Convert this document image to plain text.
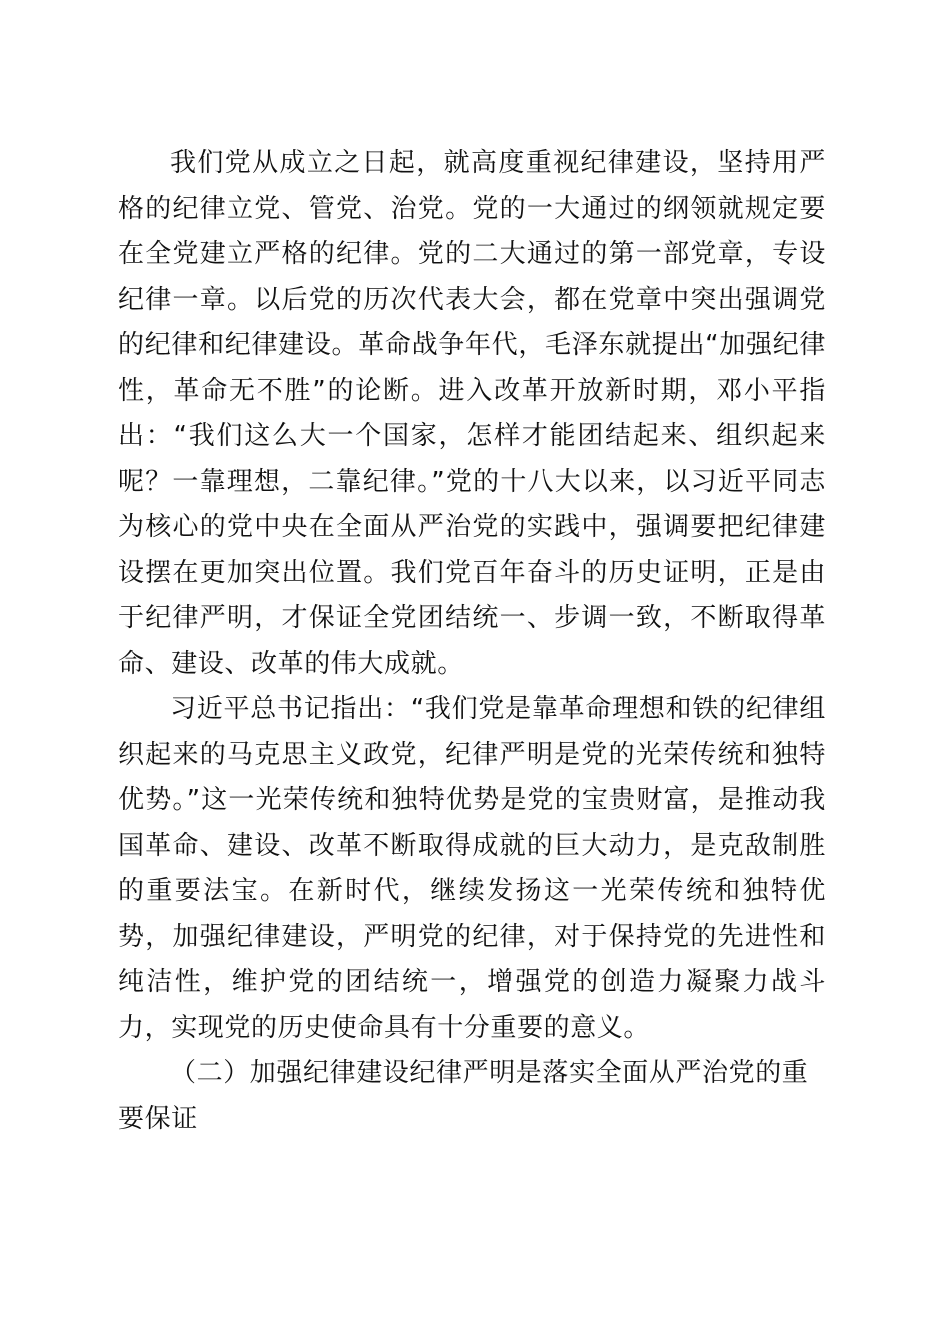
我们党从成立之日起，就高度重视纪律建设，坚持用严格的纪律立党、管党、治党。党的一大通过的纲领就规定要在全党建立严格的纪律。党的二大通过的第一部党章，专设纪律一章。以后党的历次代表大会，都在党章中突出强调党的纪律和纪律建设。革命战争年代，毛泽东就提出“加强纪律性，革命无不胜”的论断。进入改革开放新时期，邓小平指出：“我们这么大一个国家，怎样才能团结起来、组织起来呢？一靠理想，二靠纪律。”党的十八大以来，以习近平同志为核心的党中央在全面从严治党的实践中，强调要把纪律建设摆在更加突出位置。我们党百年奋斗的历史证明，正是由于纪律严明，才保证全党团结统一、步调一致，不断取得革命、建设、改革的伟大成就。

习近平总书记指出：“我们党是靠革命理想和铁的纪律组织起来的马克思主义政党，纪律严明是党的光荣传统和独特优势。”这一光荣传统和独特优势是党的宝贵财富，是推动我国革命、建设、改革不断取得成就的巨大动力，是克敌制胜的重要法宝。在新时代，继续发扬这一光荣传统和独特优势，加强纪律建设，严明党的纪律，对于保持党的先进性和纯洁性，维护党的团结统一，增强党的创造力凝聚力战斗力，实现党的历史使命具有十分重要的意义。

（二）加强纪律建设纪律严明是落实全面从严治党的重要保证
